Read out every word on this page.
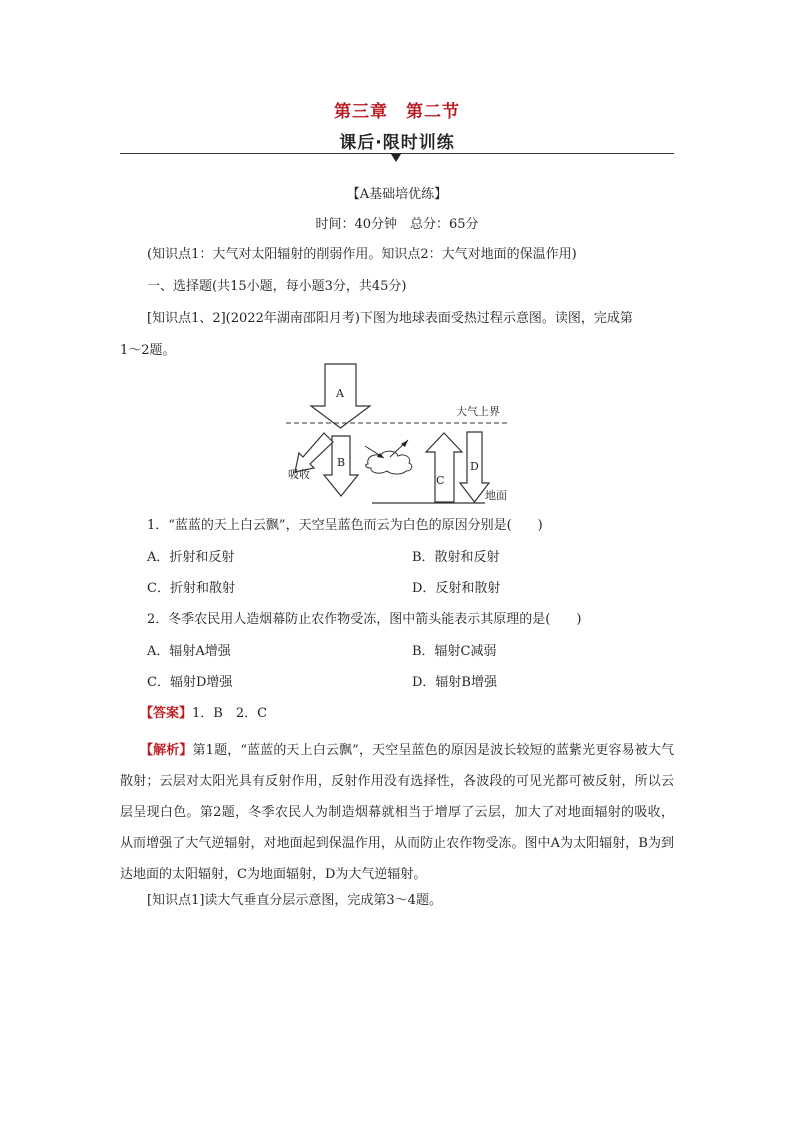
第三章　第二节
课后·限时训练
【A基础培优练】
时间：40分钟　总分：65分
(知识点1：大气对太阳辐射的削弱作用。知识点2：大气对地面的保温作用)
一、选择题(共15小题，每小题3分，共45分)
[知识点1、2](2022年湖南邵阳月考)下图为地球表面受热过程示意图。读图，完成第
1～2题。
A
B
C
D
大气上界
吸收
地面
1．“蓝蓝的天上白云飘”，天空呈蓝色而云为白色的原因分别是(　　)
A．折射和反射	B．散射和反射
C．折射和散射	D．反射和散射
2．冬季农民用人造烟幕防止农作物受冻，图中箭头能表示其原理的是(　　)
A．辐射A增强	B．辐射C减弱
C．辐射D增强	D．辐射B增强
【答案】1．B　2．C
【解析】第1题，“蓝蓝的天上白云飘”，天空呈蓝色的原因是波长较短的蓝紫光更容易被大气散射；云层对太阳光具有反射作用，反射作用没有选择性，各波段的可见光都可被反射，所以云层呈现白色。第2题，冬季农民人为制造烟幕就相当于增厚了云层，加大了对地面辐射的吸收，从而增强了大气逆辐射，对地面起到保温作用，从而防止农作物受冻。图中A为太阳辐射，B为到达地面的太阳辐射，C为地面辐射，D为大气逆辐射。
[知识点1]读大气垂直分层示意图，完成第3～4题。
